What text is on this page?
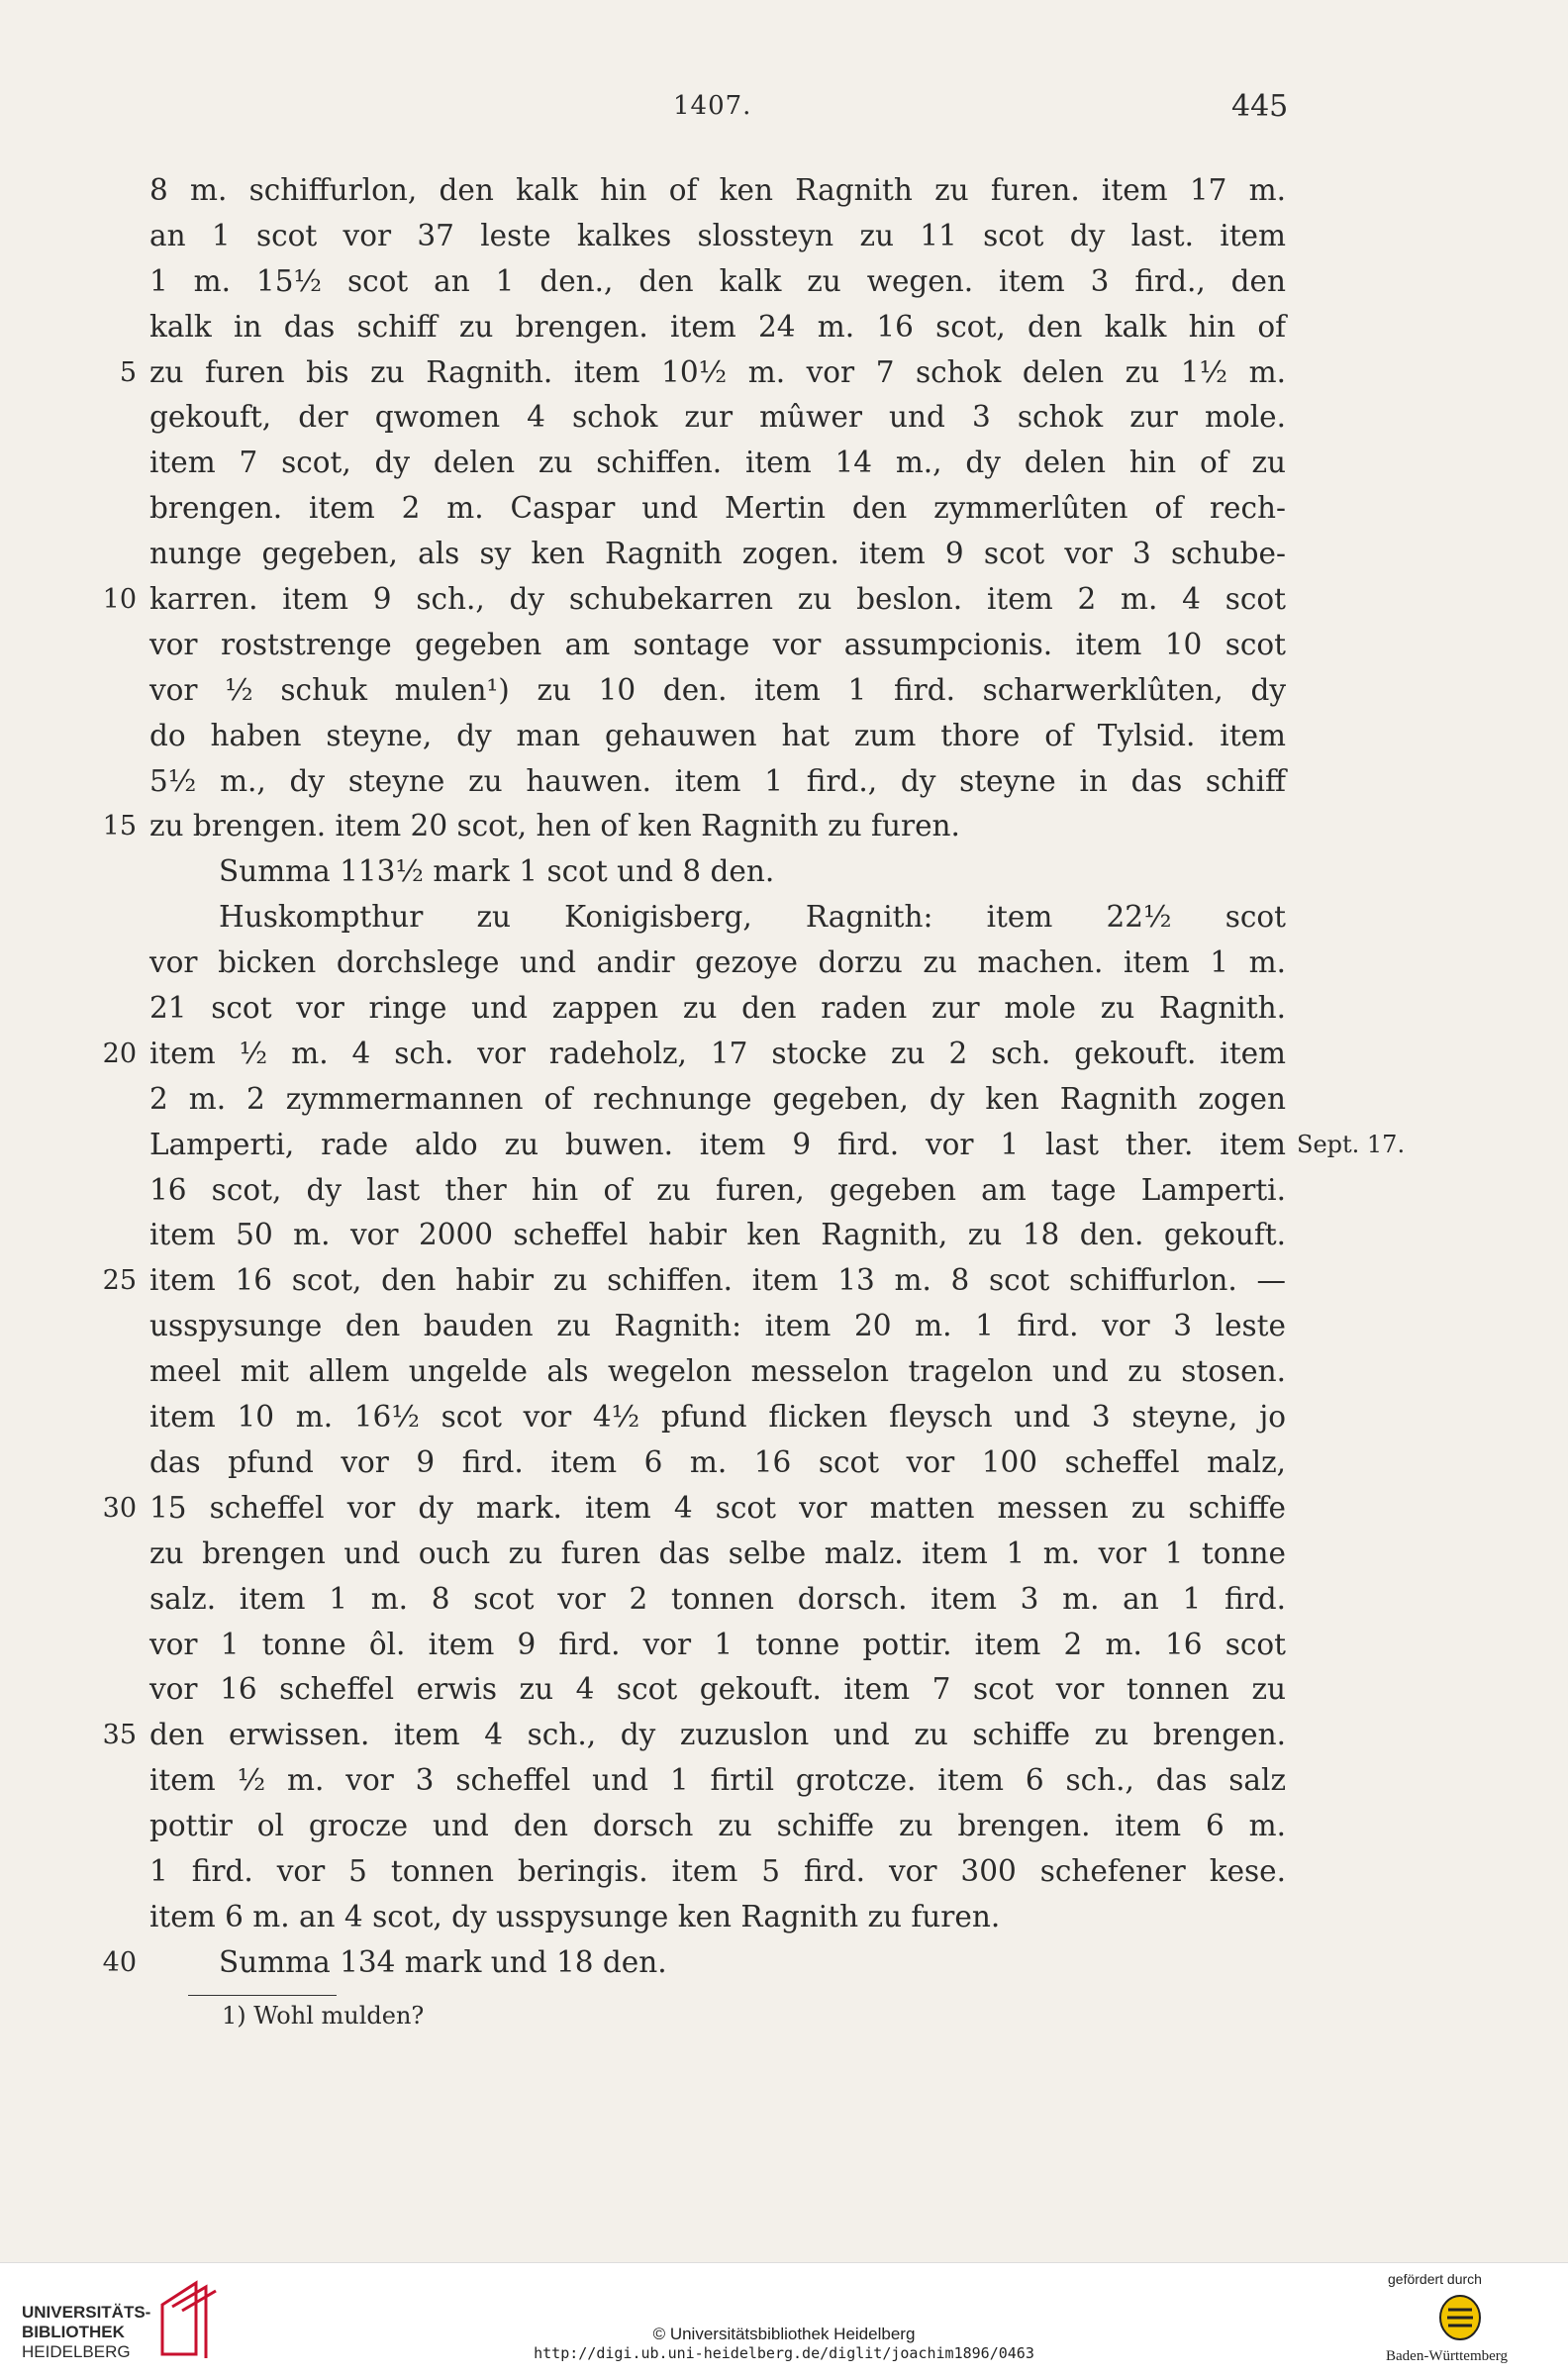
1407.	445
8 m. schiffurlon, den kalk hin of ken Ragnith zu furen. item 17 m.
an 1 scot vor 37 leste kalkes slossteyn zu 11 scot dy last. item
1 m. 15½ scot an 1 den., den kalk zu wegen. item 3 fird., den
kalk in das schiff zu brengen. item 24 m. 16 scot, den kalk hin of
5 zu furen bis zu Ragnith. item 10½ m. vor 7 schok delen zu 1½ m.
gekouft, der qwomen 4 schok zur mûwer und 3 schok zur mole.
item 7 scot, dy delen zu schiffen. item 14 m., dy delen hin of zu
brengen. item 2 m. Caspar und Mertin den zymmerlûten of rech-
nunge gegeben, als sy ken Ragnith zogen. item 9 scot vor 3 schube-
10 karren. item 9 sch., dy schubekarren zu beslon. item 2 m. 4 scot
vor roststrenge gegeben am sontage vor assumpcionis. item 10 scot
vor ½ schuk mulen¹) zu 10 den. item 1 fird. scharwerklûten, dy
do haben steyne, dy man gehauwen hat zum thore of Tylsid. item
5½ m., dy steyne zu hauwen. item 1 fird., dy steyne in das schiff
15 zu brengen. item 20 scot, hen of ken Ragnith zu furen.
Summa 113½ mark 1 scot und 8 den.
Huskompthur zu Konigisberg, Ragnith: item 22½ scot
vor bicken dorchslege und andir gezoye dorzu zu machen. item 1 m.
21 scot vor ringe und zappen zu den raden zur mole zu Ragnith.
20 item ½ m. 4 sch. vor radeholz, 17 stocke zu 2 sch. gekouft. item
2 m. 2 zymmermannen of rechnunge gegeben, dy ken Ragnith zogen
Lamperti, rade aldo zu buwen. item 9 fird. vor 1 last ther. item Sept. 17.
16 scot, dy last ther hin of zu furen, gegeben am tage Lamperti.
item 50 m. vor 2000 scheffel habir ken Ragnith, zu 18 den. gekouft.
25 item 16 scot, den habir zu schiffen. item 13 m. 8 scot schiffurlon. —
usspysunge den bauden zu Ragnith: item 20 m. 1 fird. vor 3 leste
meel mit allem ungelde als wegelon messelon tragelon und zu stosen.
item 10 m. 16½ scot vor 4½ pfund flicken fleysch und 3 steyne, jo
das pfund vor 9 fird. item 6 m. 16 scot vor 100 scheffel malz,
30 15 scheffel vor dy mark. item 4 scot vor matten messen zu schiffe
zu brengen und ouch zu furen das selbe malz. item 1 m. vor 1 tonne
salz. item 1 m. 8 scot vor 2 tonnen dorsch. item 3 m. an 1 fird.
vor 1 tonne ôl. item 9 fird. vor 1 tonne pottir. item 2 m. 16 scot
vor 16 scheffel erwis zu 4 scot gekouft. item 7 scot vor tonnen zu
35 den erwissen. item 4 sch., dy zuzuslon und zu schiffe zu brengen.
item ½ m. vor 3 scheffel und 1 firtil grotcze. item 6 sch., das salz
pottir ol grocze und den dorsch zu schiffe zu brengen. item 6 m.
1 fird. vor 5 tonnen beringis. item 5 fird. vor 300 schefener kese.
item 6 m. an 4 scot, dy usspysunge ken Ragnith zu furen.
40	Summa 134 mark und 18 den.
1) Wohl mulden?
UNIVERSITÄTS-
BIBLIOTHEK
HEIDELBERG
© Universitätsbibliothek Heidelberg
http://digi.ub.uni-heidelberg.de/diglit/joachim1896/0463
gefördert durch
Baden-Württemberg
